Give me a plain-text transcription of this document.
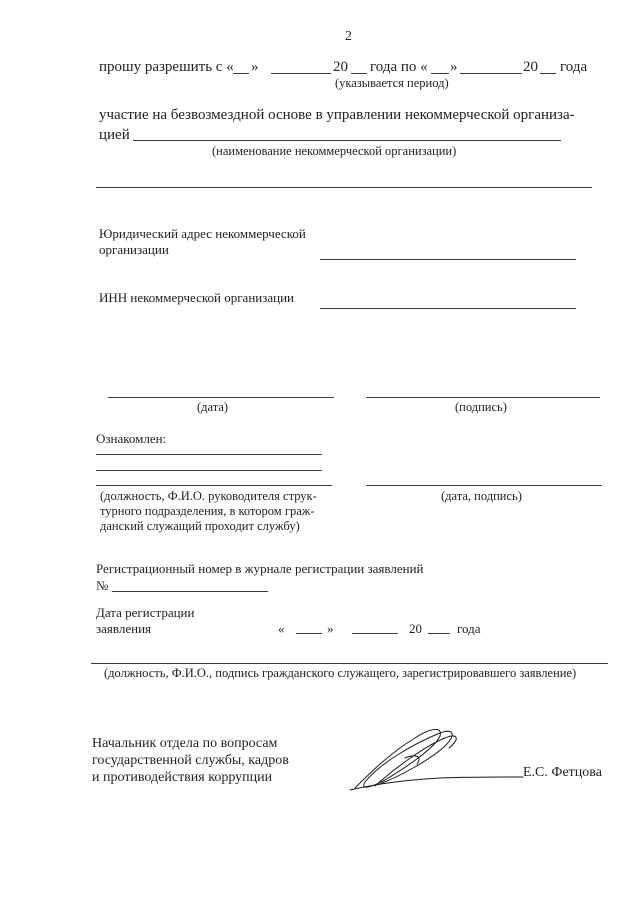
2
прошу разрешить с « »	20 года по « »	20 года
(указывается период)
участие на безвозмездной основе в управлении некоммерческой организа-
цией
(наименование некоммерческой организации)
Юридический адрес некоммерческой
организации
ИНН некоммерческой организации
(дата)	(подпись)
Ознакомлен:
(должность, Ф.И.О. руководителя струк-
турного подразделения, в котором граж-
данский служащий проходит службу)
(дата, подпись)
Регистрационный номер в журнале регистрации заявлений
№
Дата регистрации
заявления	«	»	20	года
(должность, Ф.И.О., подпись гражданского служащего, зарегистрировавшего заявление)
Начальник отдела по вопросам
государственной службы, кадров
и противодействия коррупции	Е.С. Фетцова
